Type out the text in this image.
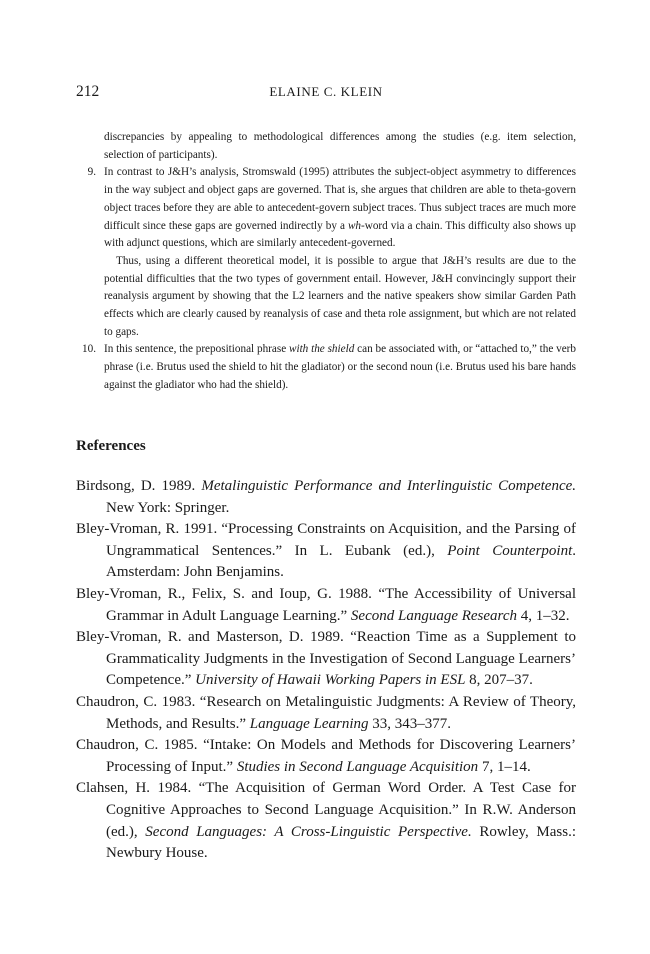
212	ELAINE C. KLEIN
discrepancies by appealing to methodological differences among the studies (e.g. item selection, selection of participants).
9. In contrast to J&H’s analysis, Stromswald (1995) attributes the subject-object asymmetry to differences in the way subject and object gaps are governed. That is, she argues that children are able to theta-govern object traces before they are able to antecedent-govern subject traces. Thus subject traces are much more difficult since these gaps are governed indirectly by a wh-word via a chain. This difficulty also shows up with adjunct questions, which are similarly antecedent-governed.
Thus, using a different theoretical model, it is possible to argue that J&H’s results are due to the potential difficulties that the two types of government entail. However, J&H convincingly support their reanalysis argument by showing that the L2 learners and the native speakers show similar Garden Path effects which are clearly caused by reanalysis of case and theta role assignment, but which are not related to gaps.
10. In this sentence, the prepositional phrase with the shield can be associated with, or “attached to,” the verb phrase (i.e. Brutus used the shield to hit the gladiator) or the second noun (i.e. Brutus used his bare hands against the gladiator who had the shield).
References
Birdsong, D. 1989. Metalinguistic Performance and Interlinguistic Competence. New York: Springer.
Bley-Vroman, R. 1991. “Processing Constraints on Acquisition, and the Parsing of Ungrammatical Sentences.” In L. Eubank (ed.), Point Counterpoint. Amsterdam: John Benjamins.
Bley-Vroman, R., Felix, S. and Ioup, G. 1988. “The Accessibility of Universal Grammar in Adult Language Learning.” Second Language Research 4, 1–32.
Bley-Vroman, R. and Masterson, D. 1989. “Reaction Time as a Supplement to Grammaticality Judgments in the Investigation of Second Language Learners’ Competence.” University of Hawaii Working Papers in ESL 8, 207–37.
Chaudron, C. 1983. “Research on Metalinguistic Judgments: A Review of Theory, Methods, and Results.” Language Learning 33, 343–377.
Chaudron, C. 1985. “Intake: On Models and Methods for Discovering Learners’ Processing of Input.” Studies in Second Language Acquisition 7, 1–14.
Clahsen, H. 1984. “The Acquisition of German Word Order. A Test Case for Cognitive Approaches to Second Language Acquisition.” In R.W. Anderson (ed.), Second Languages: A Cross-Linguistic Perspective. Rowley, Mass.: Newbury House.
